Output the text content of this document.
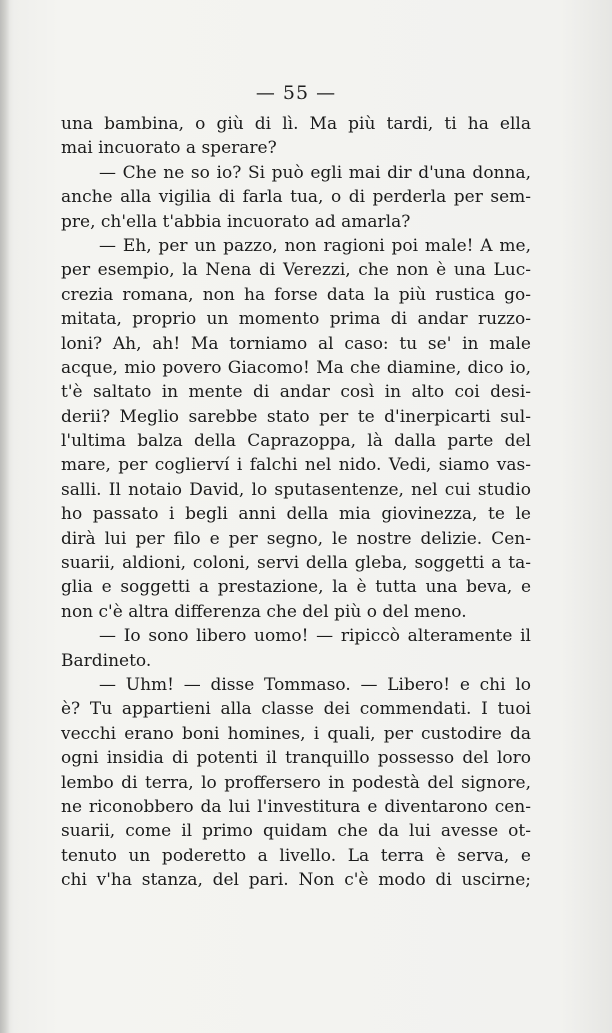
— 55 —
una bambina, o giù di lì. Ma più tardi, ti ha ella
mai incuorato a sperare?
— Che ne so io? Si può egli mai dir d'una donna,
anche alla vigilia di farla tua, o di perderla per sem-
pre, ch'ella t'abbia incuorato ad amarla?
— Eh, per un pazzo, non ragioni poi male! A me,
per esempio, la Nena di Verezzi, che non è una Luc-
crezia romana, non ha forse data la più rustica go-
mitata, proprio un momento prima di andar ruzzo-
loni? Ah, ah! Ma torniamo al caso: tu se' in male
acque, mio povero Giacomo! Ma che diamine, dico io,
t'è saltato in mente di andar così in alto coi desi-
derii? Meglio sarebbe stato per te d'inerpicarti sul-
l'ultima balza della Caprazoppa, là dalla parte del
mare, per coglierví i falchi nel nido. Vedi, siamo vas-
salli. Il notaio David, lo sputasentenze, nel cui studio
ho passato i begli anni della mia giovinezza, te le
dirà lui per filo e per segno, le nostre delizie. Cen-
suarii, aldioni, coloni, servi della gleba, soggetti a ta-
glia e soggetti a prestazione, la è tutta una beva, e
non c'è altra differenza che del più o del meno.
— Io sono libero uomo! — ripiccò alteramente il
Bardineto.
— Uhm! — disse Tommaso. — Libero! e chi lo
è? Tu appartieni alla classe dei commendati. I tuoi
vecchi erano boni homines, i quali, per custodire da
ogni insidia di potenti il tranquillo possesso del loro
lembo di terra, lo proffersero in podestà del signore,
ne riconobbero da lui l'investitura e diventarono cen-
suarii, come il primo quidam che da lui avesse ot-
tenuto un poderetto a livello. La terra è serva, e
chi v'ha stanza, del pari. Non c'è modo di uscirne;
